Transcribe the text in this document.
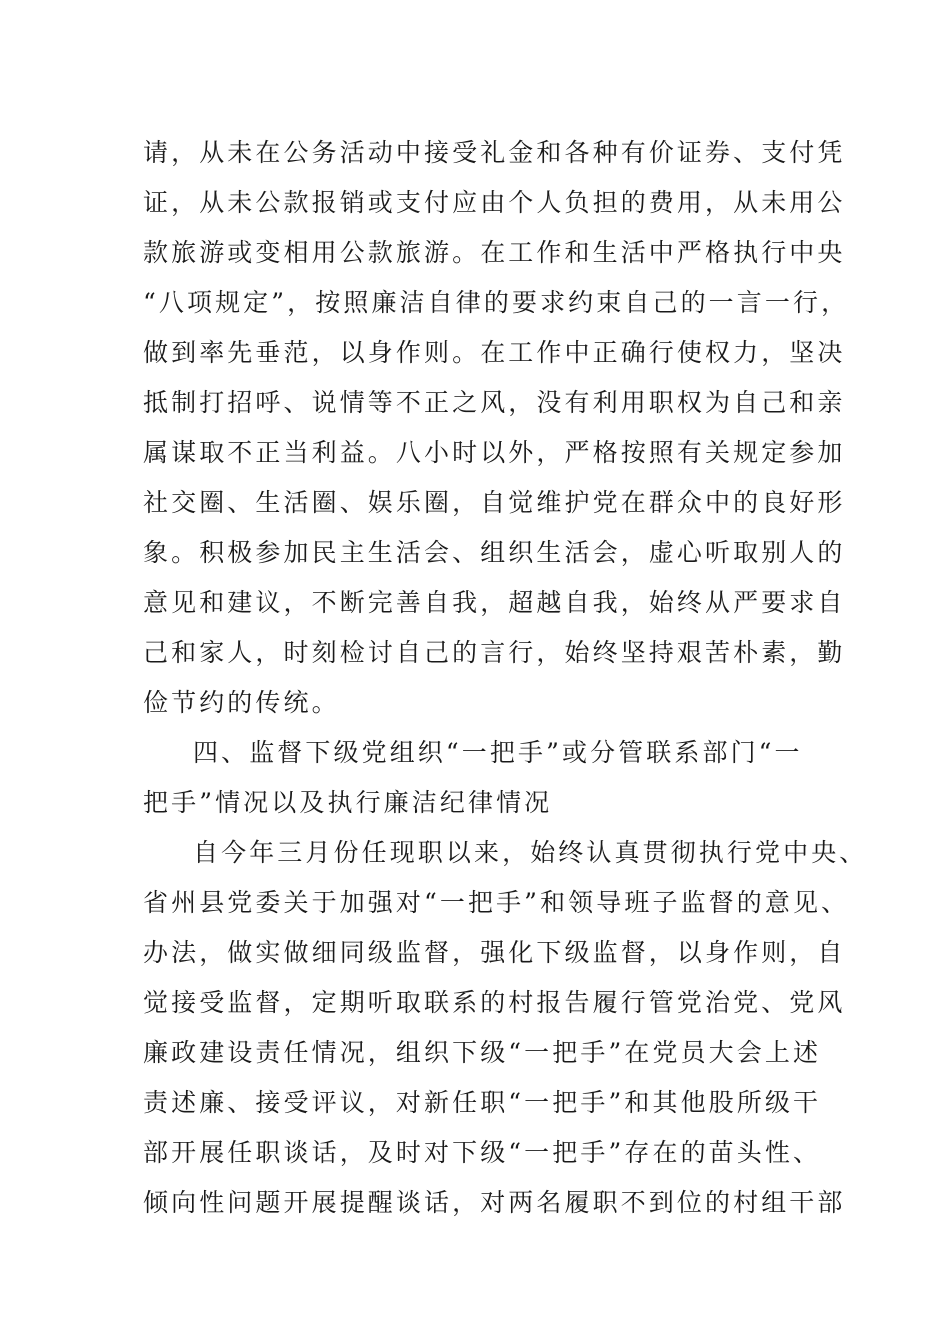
请，从未在公务活动中接受礼金和各种有价证券、支付凭
证，从未公款报销或支付应由个人负担的费用，从未用公
款旅游或变相用公款旅游。在工作和生活中严格执行中央
“八项规定”，按照廉洁自律的要求约束自己的一言一行，
做到率先垂范，以身作则。在工作中正确行使权力，坚决
抵制打招呼、说情等不正之风，没有利用职权为自己和亲
属谋取不正当利益。八小时以外，严格按照有关规定参加
社交圈、生活圈、娱乐圈，自觉维护党在群众中的良好形
象。积极参加民主生活会、组织生活会，虚心听取别人的
意见和建议，不断完善自我，超越自我，始终从严要求自
己和家人，时刻检讨自己的言行，始终坚持艰苦朴素，勤
俭节约的传统。
四、监督下级党组织“一把手”或分管联系部门“一
把手”情况以及执行廉洁纪律情况
自今年三月份任现职以来，始终认真贯彻执行党中央、
省州县党委关于加强对“一把手”和领导班子监督的意见、
办法，做实做细同级监督，强化下级监督，以身作则，自
觉接受监督，定期听取联系的村报告履行管党治党、党风
廉政建设责任情况，组织下级“一把手”在党员大会上述
责述廉、接受评议，对新任职“一把手”和其他股所级干
部开展任职谈话，及时对下级“一把手”存在的苗头性、
倾向性问题开展提醒谈话，对两名履职不到位的村组干部
